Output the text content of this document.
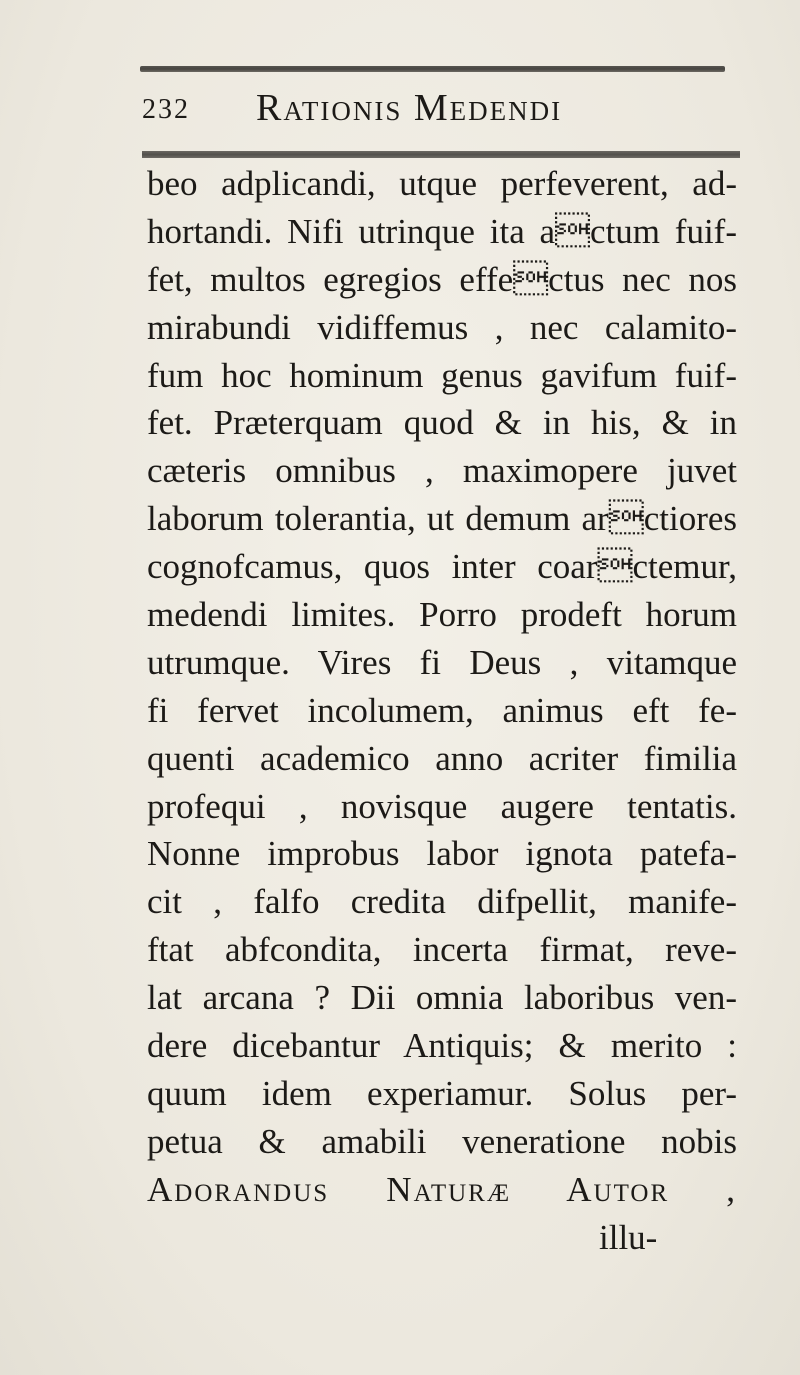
232 Rationis Medendi
beo adplicandi, utque perfeverent, ad-
hortandi. Nifi utrinque ita actum fuif-
fet, multos egregios effectus nec nos
mirabundi vidiffemus , nec calamito-
fum hoc hominum genus gavifum fuif-
fet. Præterquam quod & in his, & in
cæteris omnibus , maximopere juvet
laborum tolerantia, ut demum arctiores
cognofcamus, quos inter coarctemur,
medendi limites. Porro prodeft horum
utrumque. Vires fi Deus , vitamque
fi fervet incolumem, animus eft fe-
quenti academico anno acriter fimilia
profequi , novisque augere tentatis.
Nonne improbus labor ignota patefa-
cit , falfo credita difpellit, manife-
ftat abfcondita, incerta firmat, reve-
lat arcana ? Dii omnia laboribus ven-
dere dicebantur Antiquis; & merito :
quum idem experiamur. Solus per-
petua & amabili veneratione nobis
Adorandus Naturæ Autor ,
illu-
